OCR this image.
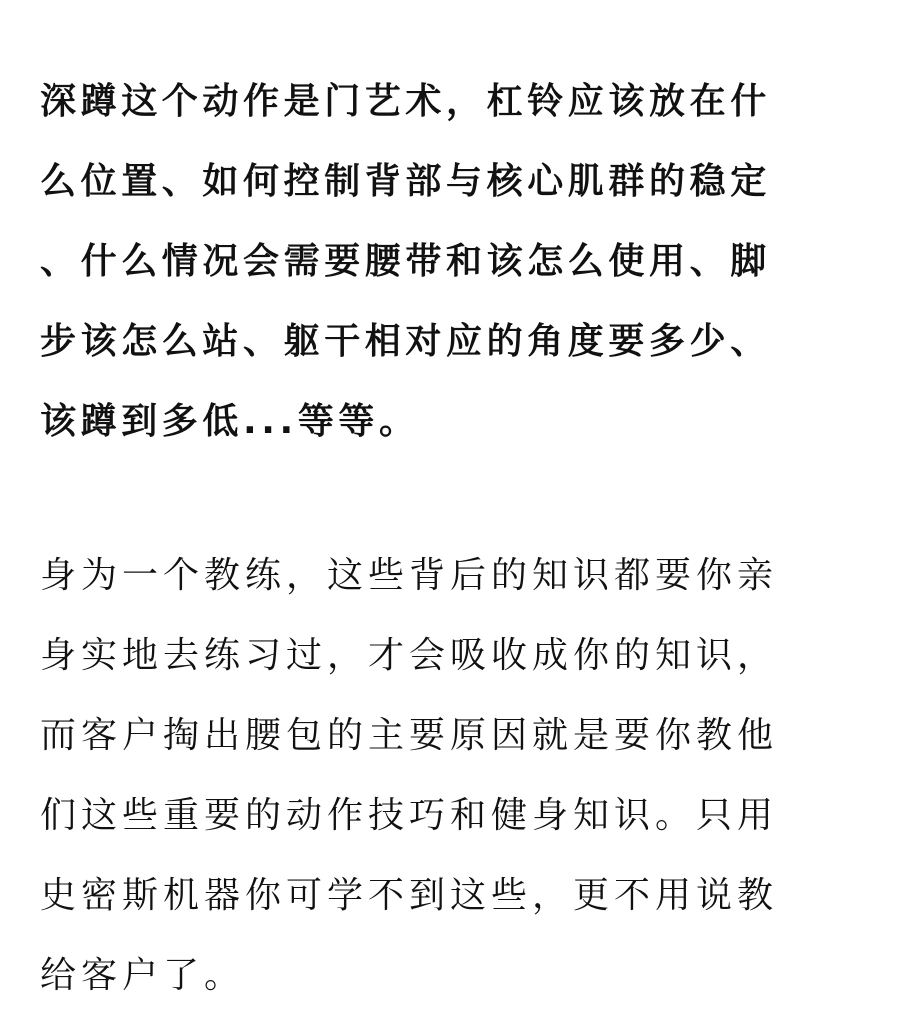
深蹲这个动作是门艺术，杠铃应该放在什
么位置、如何控制背部与核心肌群的稳定
、什么情况会需要腰带和该怎么使用、脚
步该怎么站、躯干相对应的角度要多少、
该蹲到多低...等等。
身为一个教练，这些背后的知识都要你亲
身实地去练习过，才会吸收成你的知识，
而客户掏出腰包的主要原因就是要你教他
们这些重要的动作技巧和健身知识。只用
史密斯机器你可学不到这些，更不用说教
给客户了。
